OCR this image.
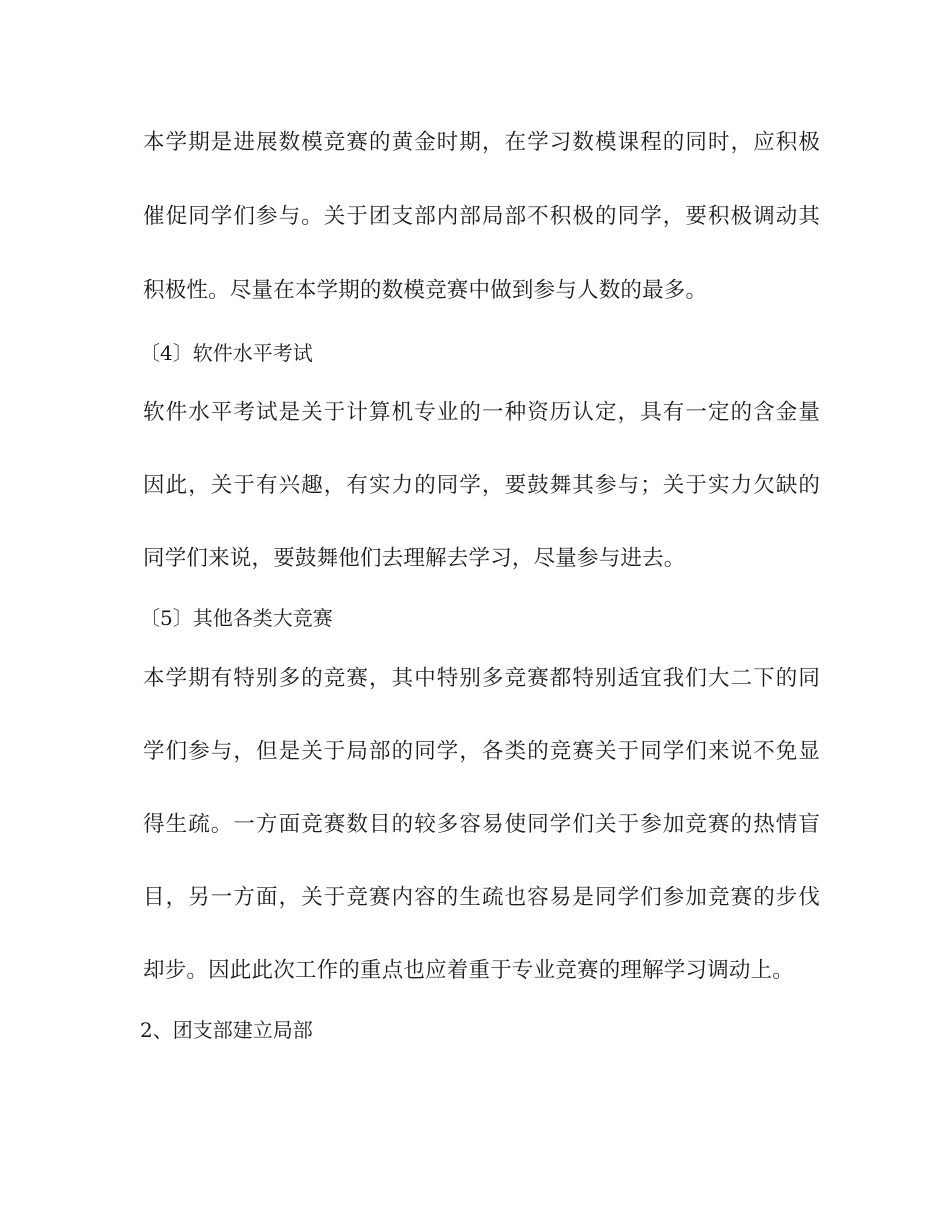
本学期是进展数模竞赛的黄金时期，在学习数模课程的同时，应积极
催促同学们参与。关于团支部内部局部不积极的同学，要积极调动其
积极性。尽量在本学期的数模竞赛中做到参与人数的最多。
〔4〕软件水平考试
软件水平考试是关于计算机专业的一种资历认定，具有一定的含金量
因此，关于有兴趣，有实力的同学，要鼓舞其参与；关于实力欠缺的
同学们来说，要鼓舞他们去理解去学习，尽量参与进去。
〔5〕其他各类大竞赛
本学期有特别多的竞赛，其中特别多竞赛都特别适宜我们大二下的同
学们参与，但是关于局部的同学，各类的竞赛关于同学们来说不免显
得生疏。一方面竞赛数目的较多容易使同学们关于参加竞赛的热情盲
目，另一方面，关于竞赛内容的生疏也容易是同学们参加竞赛的步伐
却步。因此此次工作的重点也应着重于专业竞赛的理解学习调动上。
2、团支部建立局部
